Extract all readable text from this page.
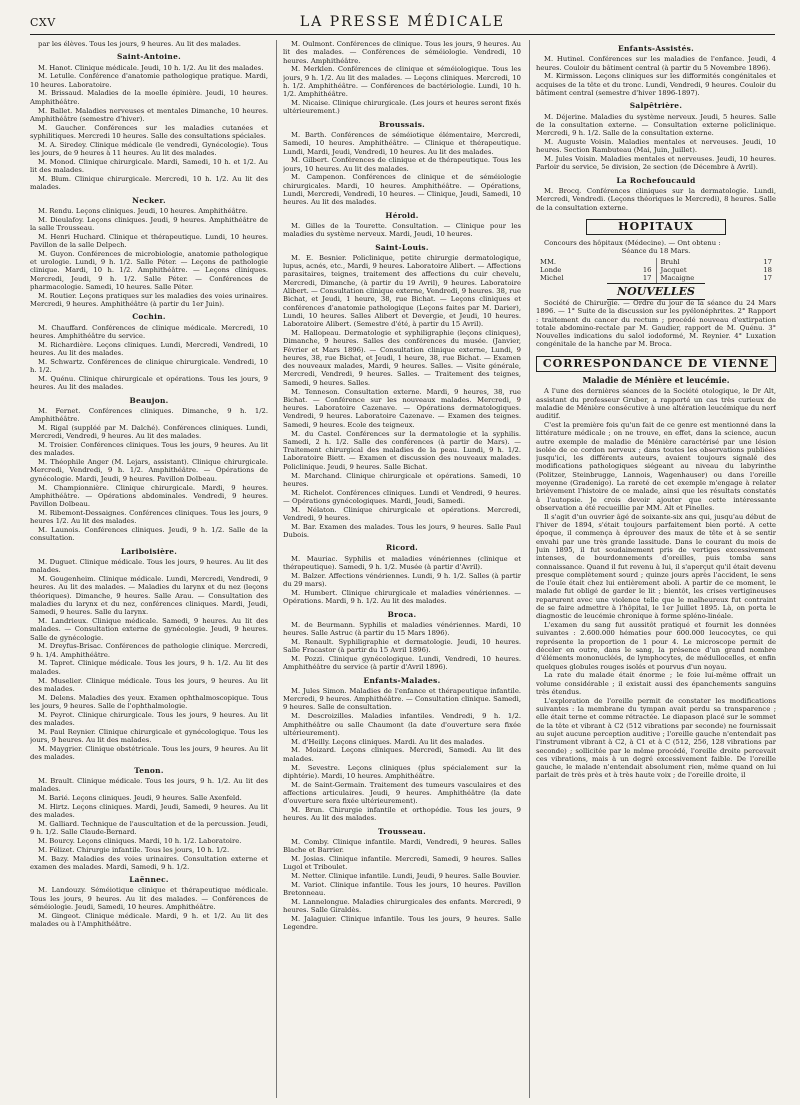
CXV	LA PRESSE MÉDICALE

par les élèves. Tous les jours, 9 heures. Au lit des malades.

Saint-Antoine.

M. Hanot. Clinique médicale. Jeudi, 10 h. 1/2. Au lit des malades.

M. Letulle. Conférence d'anatomie pathologique pratique. Mardi, 10 heures. Laboratoire.

M. Brissaud. Maladies de la moelle épinière. Jeudi, 10 heures. Amphithéâtre.

M. Ballet. Maladies nerveuses et mentales Dimanche, 10 heures. Amphithéâtre (semestre d'hiver).

M. Gaucher. Conférences sur les maladies cutanées et syphilitiques. Mercredi 10 heures. Salle des consultations spéciales.

M. A. Siredey. Clinique médicale (le vendredi, Gynécologie). Tous les jours, de 9 heures à 11 heures. Au lit des malades.

M. Monod. Clinique chirurgicale. Mardi, Samedi, 10 h. et 1/2. Au lit des malades.

M. Blum. Clinique chirurgicale. Mercredi, 10 h. 1/2. Au lit des malades.

Necker.

M. Rendu. Leçons cliniques. Jeudi, 10 heures. Amphithéâtre.

M. Dieulafoy. Leçons cliniques. Jeudi, 9 heures. Amphithéâtre de la salle Trousseau.

M. Henri Huchard. Clinique et thérapeutique. Lundi, 10 heures. Pavillon de la salle Delpech.

M. Guyon. Conférences de microbiologie, anatomie pathologique et urologie. Lundi, 9 h. 1/2. Salle Péter. — Leçons de pathologie clinique. Mardi, 10 h. 1/2. Amphithéâtre. — Leçons cliniques. Mercredi, Jeudi, 9 h. 1/2. Salle Péter. — Conférences de pharmacologie. Samedi, 10 heures. Salle Péter.

M. Routier. Leçons pratiques sur les maladies des voies urinaires. Mercredi, 9 heures. Amphithéâtre (à partir du 1er Juin).

Cochin.

M. Chauffard. Conférences de clinique médicale. Mercredi, 10 heures. Amphithéâtre du service.

M. Richardière. Leçons cliniques. Lundi, Mercredi, Vendredi, 10 heures. Au lit des malades.

M. Schwartz. Conférences de clinique chirurgicale. Vendredi, 10 h. 1/2.

M. Quénu. Clinique chirurgicale et opérations. Tous les jours, 9 heures. Au lit des malades.

Beaujon.

M. Fernet. Conférences cliniques. Dimanche, 9 h. 1/2. Amphithéâtre.

M. Rigal (suppléé par M. Dalché). Conférences cliniques. Lundi, Mercredi, Vendredi, 9 heures. Au lit des malades.

M. Troisier. Conférences cliniques. Tous les jours, 9 heures. Au lit des malades.

M. Théophile Anger (M. Lejars, assistant). Clinique chirurgicale. Mercredi, Vendredi, 9 h. 1/2. Amphithéâtre. — Opérations de gynécologie. Mardi, Jeudi, 9 heures. Pavillon Dolbeau.

M. Championnière. Clinique chirurgicale. Mardi, 9 heures. Amphithéâtre. — Opérations abdominales. Vendredi, 9 heures. Pavillon Dolbeau.

M. Ribemont-Dessaignes. Conférences cliniques. Tous les jours, 9 heures 1/2. Au lit des malades.

M. Launois. Conférences cliniques. Jeudi, 9 h. 1/2. Salle de la consultation.

Lariboisière.

M. Duguet. Clinique médicale. Tous les jours, 9 heures. Au lit des malades.

M. Gougenheim. Clinique médicale. Lundi, Mercredi, Vendredi, 9 heures. Au lit des malades. — Maladies du larynx et du nez (leçons théoriques). Dimanche, 9 heures. Salle Arau. — Consultation des maladies du larynx et du nez, conférences cliniques. Mardi, Jeudi, Samedi, 9 heures. Salle du larynx.

M. Landrieux. Clinique médicale. Samedi, 9 heures. Au lit des malades. — Consultation externe de gynécologie. Jeudi, 9 heures. Salle de gynécologie.

M. Dreyfus-Brisac. Conférences de pathologie clinique. Mercredi, 9 h. 1/4. Amphithéâtre.

M. Tapret. Clinique médicale. Tous les jours, 9 h. 1/2. Au lit des malades.

M. Muselier. Clinique médicale. Tous les jours, 9 heures. Au lit des malades.

M. Delens. Maladies des yeux. Examen ophthalmoscopique. Tous les jours, 9 heures. Salle de l'ophthalmologie.

M. Peyrot. Clinique chirurgicale. Tous les jours, 9 heures. Au lit des malades.

M. Paul Reynier. Clinique chirurgicale et gynécologique. Tous les jours, 9 heures. Au lit des malades.

M. Maygrier. Clinique obstétricale. Tous les jours, 9 heures. Au lit des malades.

Tenon.

M. Brault. Clinique médicale. Tous les jours, 9 h. 1/2. Au lit des malades.

M. Barié. Leçons cliniques. Jeudi, 9 heures. Salle Axenfeld.

M. Hirtz. Leçons cliniques. Mardi, Jeudi, Samedi, 9 heures. Au lit des malades.

M. Galliard. Technique de l'auscultation et de la percussion. Jeudi, 9 h. 1/2. Salle Claude-Bernard.

M. Bourcy. Leçons cliniques. Mardi, 10 h. 1/2. Laboratoire.

M. Félizet. Chirurgie infantile. Tous les jours, 10 h. 1/2.

M. Bazy. Maladies des voies urinaires. Consultation externe et examen des malades. Mardi, Samedi, 9 h. 1/2.

Laënnec.

M. Landouzy. Séméiotique clinique et thérapeutique médicale. Tous les jours, 9 heures. Au lit des malades. — Conférences de séméiologie. Jeudi, Samedi, 10 heures. Amphithéâtre.

M. Gingeot. Clinique médicale. Mardi, 9 h. et 1/2. Au lit des malades ou à l'Amphithéâtre.

M. Oulmont. Conférences de clinique. Tous les jours, 9 heures. Au lit des malades. — Conférences de séméiologie. Vendredi, 10 heures. Amphithéâtre.

M. Merklen. Conférences de clinique et séméiologique. Tous les jours, 9 h. 1/2. Au lit des malades. — Leçons cliniques. Mercredi, 10 h. 1/2. Amphithéâtre. — Conférences de bactériologie. Lundi, 10 h. 1/2. Amphithéâtre.

M. Nicaise. Clinique chirurgicale. (Les jours et heures seront fixés ultérieurement.)

Broussais.

M. Barth. Conférences de séméiotique élémentaire, Mercredi, Samedi, 10 heures. Amphithéâtre. — Clinique et thérapeutique. Lundi, Mardi, Jeudi, Vendredi, 10 heures. Au lit des malades.

M. Gilbert. Conférences de clinique et de thérapeutique. Tous les jours, 10 heures. Au lit des malades.

M. Campenon. Conférences de clinique et de séméiologie chirurgicales. Mardi, 10 heures. Amphithéâtre. — Opérations, Lundi, Mercredi, Vendredi, 10 heures. — Clinique, Jeudi, Samedi, 10 heures. Au lit des malades.

Hérold.

M. Gilles de la Tourette. Consultation. — Clinique pour les maladies du système nerveux. Mardi, Jeudi, 10 heures.

Saint-Louis.

M. E. Besnier. Policlinique, petite chirurgie dermatologique, lupus, acnés, etc., Mardi, 9 heures. Laboratoire Alibert. — Affections parasitaires, teignes, traitement des affections du cuir chevelu, Mercredi, Dimanche, (à partir du 19 Avril), 9 heures. Laboratoire Alibert. — Consultation clinique externe, Vendredi, 9 heures. 38, rue Bichat, et Jeudi, 1 heure, 38, rue Bichat. — Leçons cliniques et conférences d'anatomie pathologique (Leçons faites par M. Darier), Lundi, 10 heures. Salles Alibert et Devergie, et Jeudi, 10 heures. Laboratoire Alibert. (Semestre d'été, à partir du 15 Avril).

M. Hallopeau. Dermatologie et syphiligraphie (leçons cliniques), Dimanche, 9 heures. Salles des conférences du musée. (Janvier, Février et Mars 1896). — Consultation clinique externe, Lundi, 9 heures, 38, rue Bichat, et Jeudi, 1 heure, 38, rue Bichat. — Examen des nouveaux malades, Mardi, 9 heures. Salles. — Visite générale, Mercredi, Vendredi, 9 heures. Salles. — Traitement des teignes, Samedi, 9 heures. Salles.

M. Tenneson. Consultation externe. Mardi, 9 heures, 38, rue Bichat. — Conférence sur les nouveaux malades. Mercredi, 9 heures. Laboratoire Cazenave. — Opérations dermatologiques. Vendredi, 9 heures. Laboratoire Cazenave. — Examen des teignes. Samedi, 9 heures. Ecole des teigneux.

M. du Castel. Conférences sur la dermatologie et la syphilis. Samedi, 2 h. 1/2. Salle des conférences (à partir de Mars). — Traitement chirurgical des maladies de la peau. Lundi, 9 h. 1/2. Laboratoire Biett. — Examen et discussion des nouveaux malades. Policlinique. Jeudi, 9 heures. Salle Bichat.

M. Marchand. Clinique chirurgicale et opérations. Samedi, 10 heures.

M. Richelot. Conférences cliniques. Lundi et Vendredi, 9 heures. — Opérations gynécologiques. Mardi, Jeudi, Samedi.

M. Nélaton. Clinique chirurgicale et opérations. Mercredi, Vendredi, 9 heures.

M. Bar. Examen des malades. Tous les jours, 9 heures. Salle Paul Dubois.

Ricord.

M. Mauriac. Syphilis et maladies vénériennes (clinique et thérapeutique). Samedi, 9 h. 1/2. Musée (à partir d'Avril).

M. Balzer. Affections vénériennes. Lundi, 9 h. 1/2. Salles (à partir du 29 mars).

M. Humbert. Clinique chirurgicale et maladies vénériennes. — Opérations. Mardi, 9 h. 1/2. Au lit des malades.

Broca.

M. de Beurmann. Syphilis et maladies vénériennes. Mardi, 10 heures. Salle Astruc (à partir du 15 Mars 1896).

M. Renault. Syphiligraphie et dermatologie. Jeudi, 10 heures. Salle Fracastor (à partir du 15 Avril 1896).

M. Pozzi. Clinique gynécologique. Lundi, Vendredi, 10 heures. Amphithéâtre du service (à partir d'Avril 1896).

Enfants-Malades.

M. Jules Simon. Maladies de l'enfance et thérapeutique infantile. Mercredi, 9 heures. Amphithéâtre. — Consultation clinique. Samedi, 9 heures. Salle de consultation.

M. Descroizilles. Maladies infantiles. Vendredi, 9 h. 1/2. Amphithéâtre ou salle Chaumont (la date d'ouverture sera fixée ultérieurement).

M. d'Heilly. Leçons cliniques. Mardi. Au lit des malades.

M. Moizard. Leçons cliniques. Mercredi, Samedi. Au lit des malades.

M. Sevestre. Leçons cliniques (plus spécialement sur la diphtérie). Mardi, 10 heures. Amphithéâtre.

M. de Saint-Germain. Traitement des tumeurs vasculaires et des affections articulaires. Jeudi, 9 heures. Amphithéâtre (la date d'ouverture sera fixée ultérieurement).

M. Brun. Chirurgie infantile et orthopédie. Tous les jours, 9 heures. Au lit des malades.

Trousseau.

M. Comby. Clinique infantile. Mardi, Vendredi, 9 heures. Salles Blache et Barrier.

M. Josias. Clinique infantile. Mercredi, Samedi, 9 heures. Salles Lugol et Triboulet.

M. Netter. Clinique infantile. Lundi, Jeudi, 9 heures. Salle Bouvier.

M. Variot. Clinique infantile. Tous les jours, 10 heures. Pavillon Bretonneau.

M. Lannelongue. Maladies chirurgicales des enfants. Mercredi, 9 heures. Salle Giraldès.

M. Jalaguier. Clinique infantile. Tous les jours, 9 heures. Salle Legendre.

Enfants-Assistés.

M. Hutinel. Conférences sur les maladies de l'enfance. Jeudi, 4 heures. Couloir du bâtiment central (à partir du 5 Novembre 1896).

M. Kirmisson. Leçons cliniques sur les difformités congénitales et acquises de la tête et du tronc. Lundi, Vendredi, 9 heures. Couloir du bâtiment central (semestre d'hiver 1896-1897).

Salpêtrière.

M. Déjerine. Maladies du système nerveux. Jeudi, 5 heures. Salle de la consultation externe. — Consultation externe policlinique. Mercredi, 9 h. 1/2. Salle de la consultation externe.

M. Auguste Voisin. Maladies mentales et nerveuses. Jeudi, 10 heures. Section Rambuteau (Mai, Juin, Juillet).

M. Jules Voisin. Maladies mentales et nerveuses. Jeudi, 10 heures. Parloir du service, 5e division, 2e section (de Décembre à Avril).

La Rochefoucauld

M. Brocq. Conférences cliniques sur la dermatologie. Lundi, Mercredi, Vendredi. (Leçons théoriques le Mercredi), 8 heures. Salle de la consultation externe.

HOPITAUX

Concours des hôpitaux (Médecine). — Ont obtenu :

Séance du 18 Mars.
MM.
Londe	16
Michel	17
Bruhl	17
Jacquet	18
Macaigne	17
NOUVELLES

Société de Chirurgie. — Ordre du jour de la séance du 24 Mars 1896. — 1° Suite de la discussion sur les pyélonéphrites. 2° Rapport : traitement du cancer du rectum ; procédé nouveau d'extirpation totale abdomino-rectale par M. Gaudier, rapport de M. Quénu. 3° Nouvelles indications du salol iodoformé, M. Reynier. 4° Luxation congénitale de la hanche par M. Broca.

CORRESPONDANCE DE VIENNE
Maladie de Ménière et leucémie.

A l'une des dernières séances de la Société otologique, le Dr Alt, assistant du professeur Gruber, a rapporté un cas très curieux de maladie de Ménière consécutive à une altération leucémique du nerf auditif.

C'est la première fois qu'un fait de ce genre est mentionné dans la littérature médicale ; on ne trouve, en effet, dans la science, aucun autre exemple de maladie de Ménière caractérisé par une lésion isolée de ce cordon nerveux ; dans toutes les observations publiées jusqu'ici, les différents auteurs, avaient toujours signalé des modifications pathologiques siégeant au niveau du labyrinthe (Politzer, Steinbrugge, Lannois, Wagenhauser) ou dans l'oreille moyenne (Gradenigo). La rareté de cet exemple m'engage à relater brièvement l'histoire de ce malade, ainsi que les résultats constatés à l'autopsie. Je crois devoir ajouter que cette intéressante observation a été recueillie par MM. Alt et Pinelles.

Il s'agit d'un ouvrier âgé de soixante-six ans qui, jusqu'au début de l'hiver de 1894, s'était toujours parfaitement bien porté. A cette époque, il commença à éprouver des maux de tête et à se sentir envahi par une très grande lassitude. Dans le courant du mois de Juin 1895, il fut soudainement pris de vertiges excessivement intenses, de bourdonnements d'oreilles, puis tomba sans connaissance. Quand il fut revenu à lui, il s'aperçut qu'il était devenu presque complètement sourd ; quinze jours après l'accident, le sens de l'ouïe était chez lui entièrement aboli. A partir de ce moment, le malade fut obligé de garder le lit ; bientôt, les crises vertigineuses reparurent avec une violence telle que le malheureux fut contraint de se faire admettre à l'hôpital, le 1er Juillet 1895. Là, on porta le diagnostic de leucémie chronique à forme spléno-linéale.

L'examen du sang fut aussitôt pratiqué et fournit les données suivantes : 2.600.000 hématies pour 600.000 leucocytes, ce qui représente la proportion de 1 pour 4. Le microscope permit de déceler en outre, dans le sang, la présence d'un grand nombre d'éléments mononucléés, de lymphocytes, de médullocelles, et enfin quelques globules rouges isolés et pourvus d'un noyau.

La rate du malade était énorme ; le foie lui-même offrait un volume considérable ; il existait aussi des épanchements sanguins très étendus.

L'exploration de l'oreille permit de constater les modifications suivantes : la membrane du tympan avait perdu sa transparence ; elle était terne et comme rétractée. Le diapason placé sur le sommet de la tête et vibrant à C2 (512 vibrations par seconde) ne fournissait au sujet aucune perception auditive ; l'oreille gauche n'entendait pas l'instrument vibrant à C2, à C1 et à C (512, 256, 128 vibrations par seconde) ; sollicitée par le même procédé, l'oreille droite percevait ces vibrations, mais à un degré excessivement faible. De l'oreille gauche, le malade n'entendait absolument rien, même quand on lui parlait de très près et à très haute voix ; de l'oreille droite, il
